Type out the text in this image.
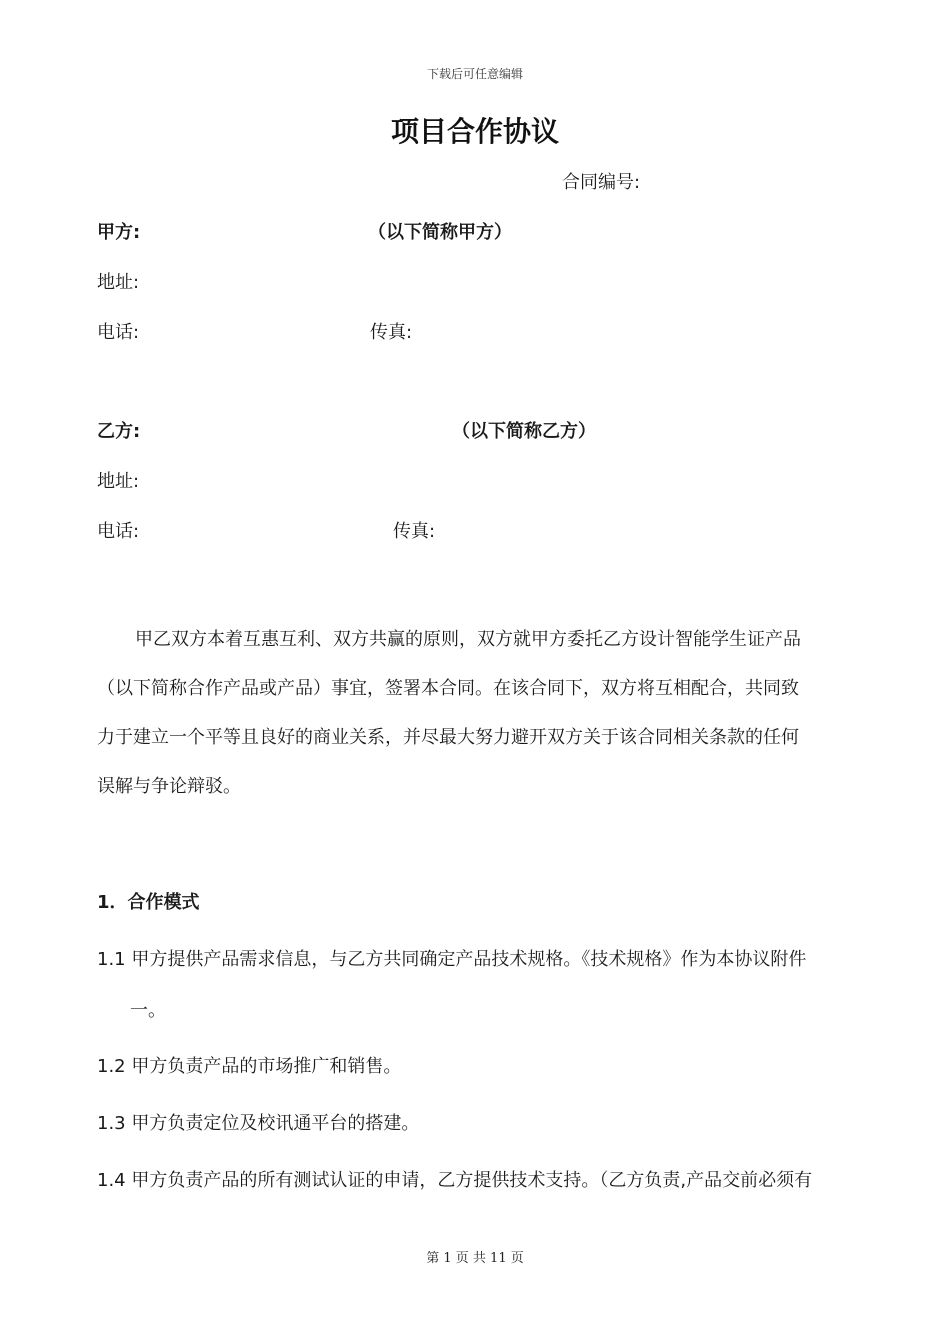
下载后可任意编辑
项目合作协议
合同编号:
甲方:	（以下简称甲方）
地址:
电话:	传真:
乙方:	（以下简称乙方）
地址:
电话:	传真:
甲乙双方本着互惠互利、双方共赢的原则，双方就甲方委托乙方设计智能学生证产品
（以下简称合作产品或产品）事宜，签署本合同。在该合同下，双方将互相配合，共同致
力于建立一个平等且良好的商业关系，并尽最大努力避开双方关于该合同相关条款的任何
误解与争论辩驳。
1．合作模式
1.1 甲方提供产品需求信息，与乙方共同确定产品技术规格。《技术规格》作为本协议附件
一。
1.2 甲方负责产品的市场推广和销售。
1.3 甲方负责定位及校讯通平台的搭建。
1.4 甲方负责产品的所有测试认证的申请，乙方提供技术支持。（乙方负责,产品交前必须有
第 1 页 共 11 页
